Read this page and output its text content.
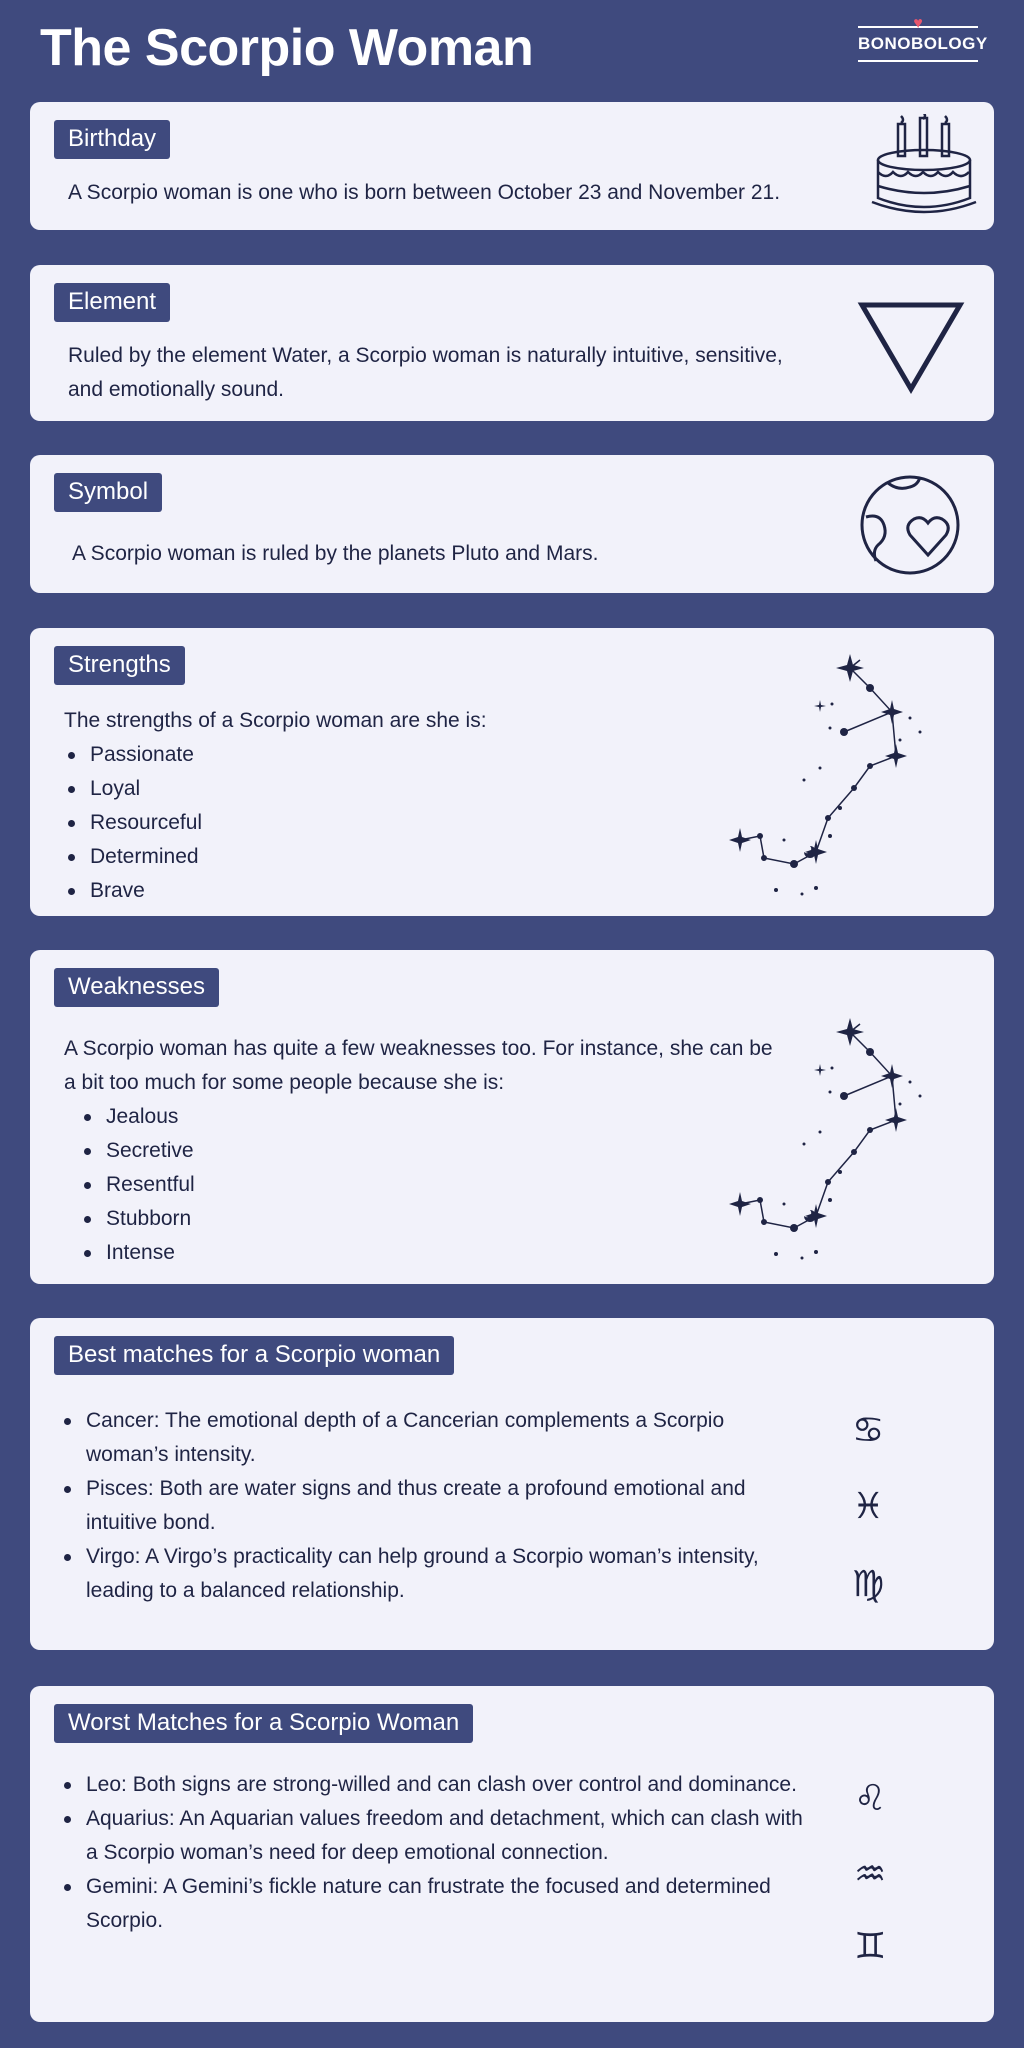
The Scorpio Woman	♥
BONOBOLOGY
Birthday

A Scorpio woman is one who is born between October 23 and November 21.

Element

Ruled by the element Water, a Scorpio woman is naturally intuitive, sensitive, and emotionally sound.

Symbol

A Scorpio woman is ruled by the planets Pluto and Mars.

Strengths

The strengths of a Scorpio woman are she is:

Passionate
Loyal
Resourceful
Determined
Brave
Weaknesses

A Scorpio woman has quite a few weaknesses too. For instance, she can be a bit too much for some people because she is:

Jealous
Secretive
Resentful
Stubborn
Intense
Best matches for a Scorpio woman
Cancer: The emotional depth of a Cancerian complements a Scorpio woman’s intensity.
Pisces: Both are water signs and thus create a profound emotional and intuitive bond.
Virgo: A Virgo’s practicality can help ground a Scorpio woman’s intensity, leading to a balanced relationship.
♋
♓
♍
Worst Matches for a Scorpio Woman
Leo: Both signs are strong-willed and can clash over control and dominance.
Aquarius: An Aquarian values freedom and detachment, which can clash with a Scorpio woman’s need for deep emotional connection.
Gemini: A Gemini’s fickle nature can frustrate the focused and determined Scorpio.
♌
♒
♊
